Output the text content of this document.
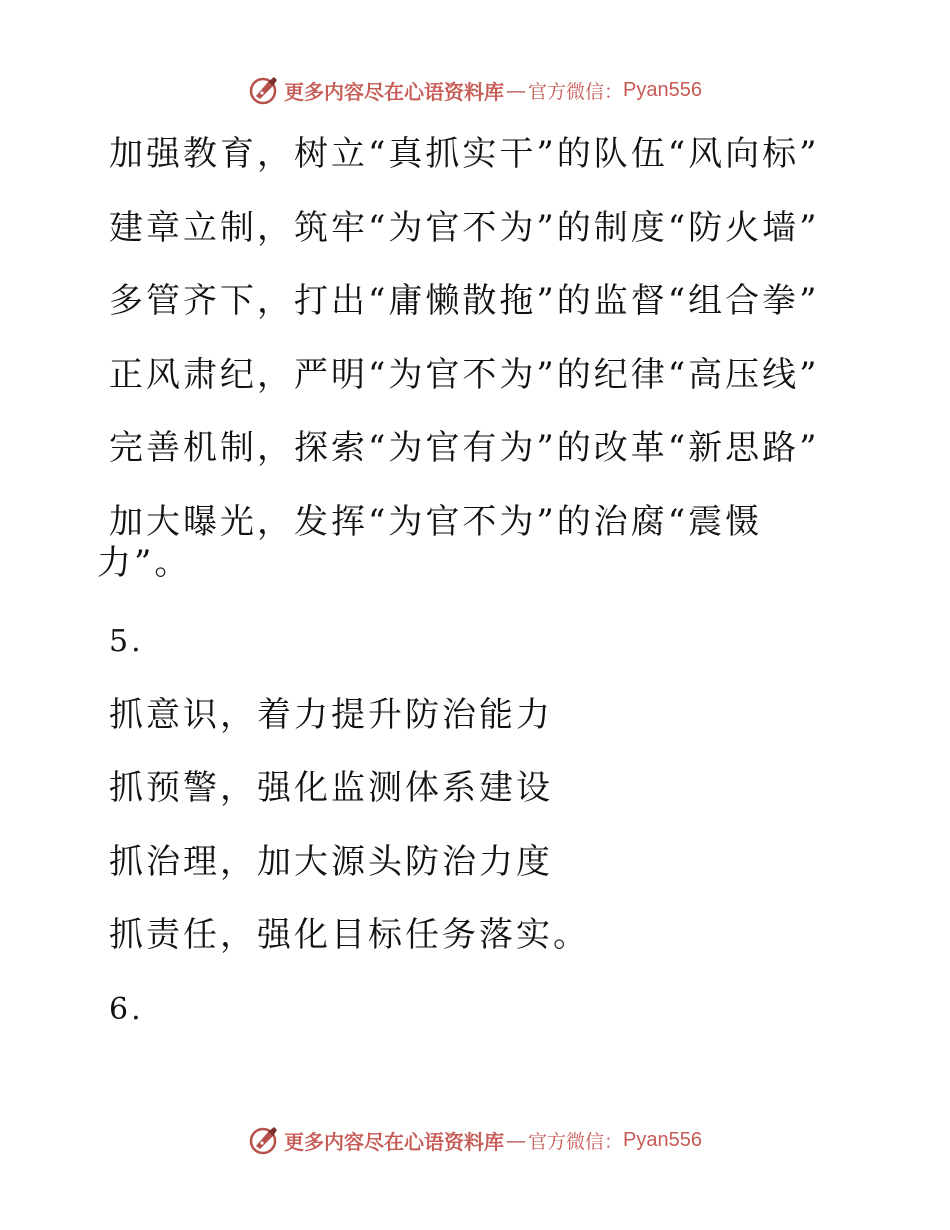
更多内容尽在心语资料库 — 官方微信： Pyan556
加强教育，树立“真抓实干”的队伍“风向标”
建章立制，筑牢“为官不为”的制度“防火墙”
多管齐下，打出“庸懒散拖”的监督“组合拳”
正风肃纪，严明“为官不为”的纪律“高压线”
完善机制，探索“为官有为”的改革“新思路”
加大曝光，发挥“为官不为”的治腐“震慑
力”。
5.
抓意识，着力提升防治能力
抓预警，强化监测体系建设
抓治理，加大源头防治力度
抓责任，强化目标任务落实。
6.
更多内容尽在心语资料库 — 官方微信： Pyan556
